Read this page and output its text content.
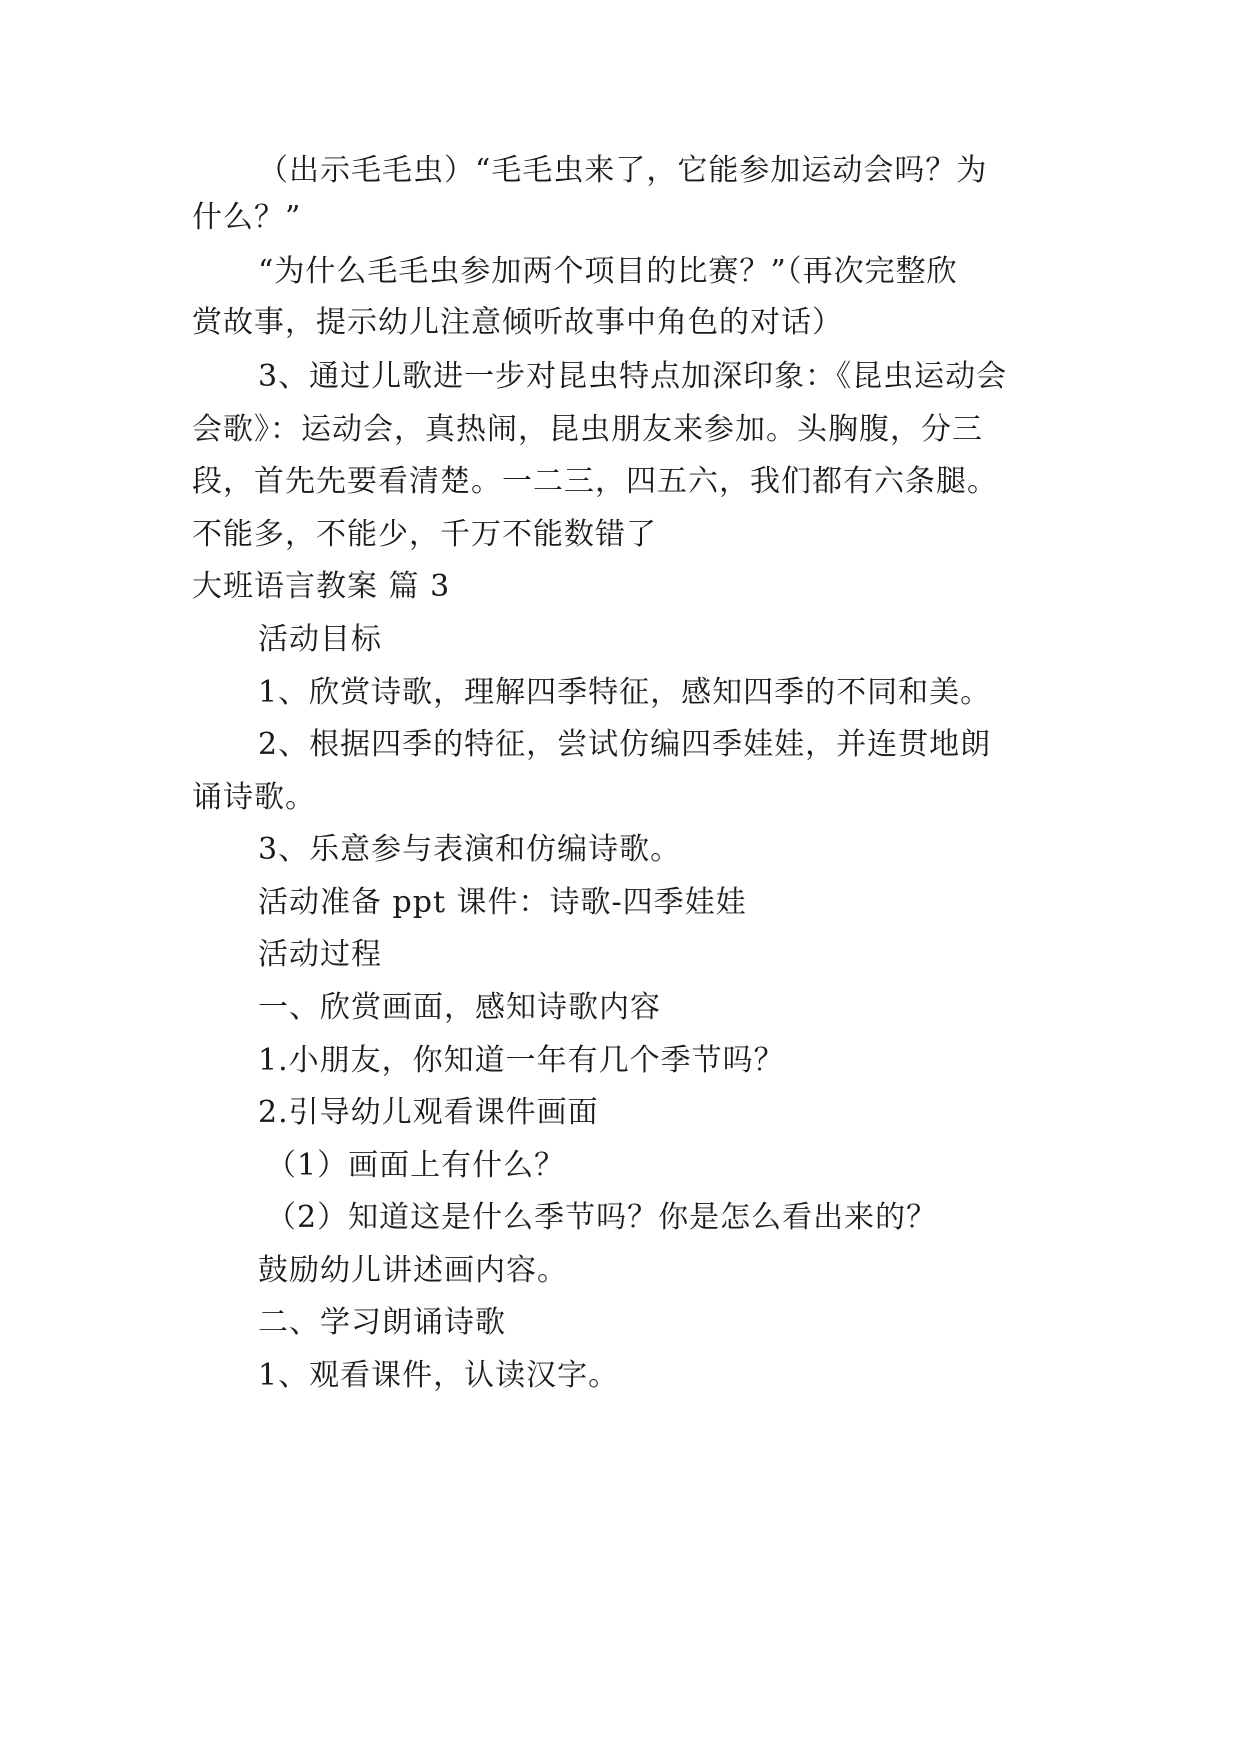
（出示毛毛虫）“毛毛虫来了，它能参加运动会吗？为
什么？”
“为什么毛毛虫参加两个项目的比赛？”（再次完整欣
赏故事，提示幼儿注意倾听故事中角色的对话）
3、通过儿歌进一步对昆虫特点加深印象：《昆虫运动会
会歌》：运动会，真热闹，昆虫朋友来参加。头胸腹，分三
段，首先先要看清楚。一二三，四五六，我们都有六条腿。
不能多，不能少，千万不能数错了
大班语言教案 篇 3
活动目标
1、欣赏诗歌，理解四季特征，感知四季的不同和美。
2、根据四季的特征，尝试仿编四季娃娃，并连贯地朗
诵诗歌。
3、乐意参与表演和仿编诗歌。
活动准备 ppt 课件：诗歌-四季娃娃
活动过程
一、欣赏画面，感知诗歌内容
1.小朋友，你知道一年有几个季节吗？
2.引导幼儿观看课件画面
（1）画面上有什么？
（2）知道这是什么季节吗？你是怎么看出来的？
鼓励幼儿讲述画内容。
二、学习朗诵诗歌
1、观看课件，认读汉字。
